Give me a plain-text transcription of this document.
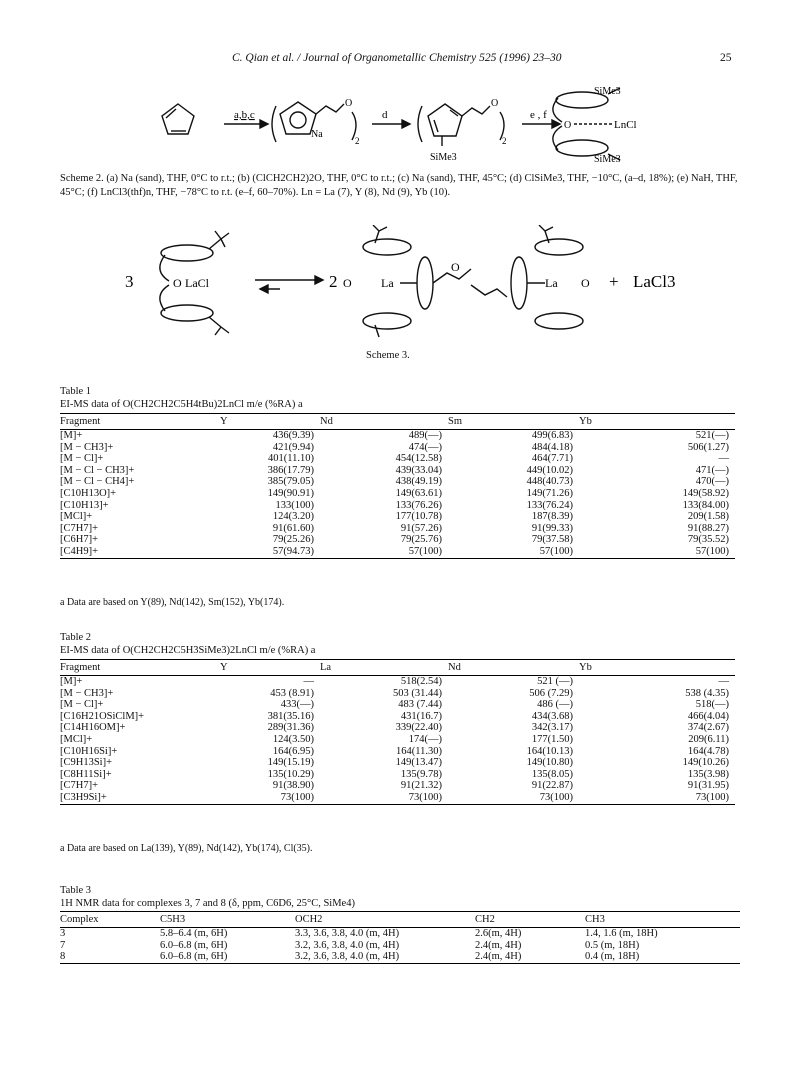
C. Qian et al. / Journal of Organometallic Chemistry 525 (1996) 23–30	25
a,b,c
Na
2
O
d
2
O
SiMe3
e , f
O	LnCl
SiMe3
SiMe3
Scheme 2. (a) Na (sand), THF, 0°C to r.t.; (b) (ClCH2CH2)2O, THF, 0°C to r.t.; (c) Na (sand), THF, 45°C; (d) ClSiMe3, THF, −10°C, (a–d, 18%); (e) NaH, THF, 45°C; (f) LnCl3(thf)n, THF, −78°C to r.t. (e–f, 60–70%). Ln = La (7), Y (8), Nd (9), Yb (10).
3	O LaCl	2 O La
O
La O + LaCl3
Scheme 3.
Table 1
EI-MS data of O(CH2CH2C5H4tBu)2LnCl m/e (%RA) a
Fragment	Y	Nd	Sm	Yb
[M]+	436(9.39)	489(—)	499(6.83)	521(—)
[M − CH3]+	421(9.94)	474(—)	484(4.18)	506(1.27)
[M − Cl]+	401(11.10)	454(12.58)	464(7.71)	—
[M − Cl − CH3]+	386(17.79)	439(33.04)	449(10.02)	471(—)
[M − Cl − CH4]+	385(79.05)	438(49.19)	448(40.73)	470(—)
[C10H13O]+	149(90.91)	149(63.61)	149(71.26)	149(58.92)
[C10H13]+	133(100)	133(76.26)	133(76.24)	133(84.00)
[MCl]+	124(3.20)	177(10.78)	187(8.39)	209(1.58)
[C7H7]+	91(61.60)	91(57.26)	91(99.33)	91(88.27)
[C6H7]+	79(25.26)	79(25.76)	79(37.58)	79(35.52)
[C4H9]+	57(94.73)	57(100)	57(100)	57(100)
a Data are based on Y(89), Nd(142), Sm(152), Yb(174).
Table 2
EI-MS data of O(CH2CH2C5H3SiMe3)2LnCl m/e (%RA) a
Fragment	Y	La	Nd	Yb
[M]+	—	518(2.54)	521 (—)	—
[M − CH3]+	453 (8.91)	503 (31.44)	506 (7.29)	538 (4.35)
[M − Cl]+	433(—)	483 (7.44)	486 (—)	518(—)
[C16H21OSiClM]+	381(35.16)	431(16.7)	434(3.68)	466(4.04)
[C14H16OM]+	289(31.36)	339(22.40)	342(3.17)	374(2.67)
[MCl]+	124(3.50)	174(—)	177(1.50)	209(6.11)
[C10H16Si]+	164(6.95)	164(11.30)	164(10.13)	164(4.78)
[C9H13Si]+	149(15.19)	149(13.47)	149(10.80)	149(10.26)
[C8H11Si]+	135(10.29)	135(9.78)	135(8.05)	135(3.98)
[C7H7]+	91(38.90)	91(21.32)	91(22.87)	91(31.95)
[C3H9Si]+	73(100)	73(100)	73(100)	73(100)
a Data are based on La(139), Y(89), Nd(142), Yb(174), Cl(35).
Table 3
1H NMR data for complexes 3, 7 and 8 (δ, ppm, C6D6, 25°C, SiMe4)
Complex	C5H3	OCH2	CH2	CH3
3	5.8–6.4 (m, 6H)	3.3, 3.6, 3.8, 4.0 (m, 4H)	2.6(m, 4H)	1.4, 1.6 (m, 18H)
7	6.0–6.8 (m, 6H)	3.2, 3.6, 3.8, 4.0 (m, 4H)	2.4(m, 4H)	0.5 (m, 18H)
8	6.0–6.8 (m, 6H)	3.2, 3.6, 3.8, 4.0 (m, 4H)	2.4(m, 4H)	0.4 (m, 18H)
